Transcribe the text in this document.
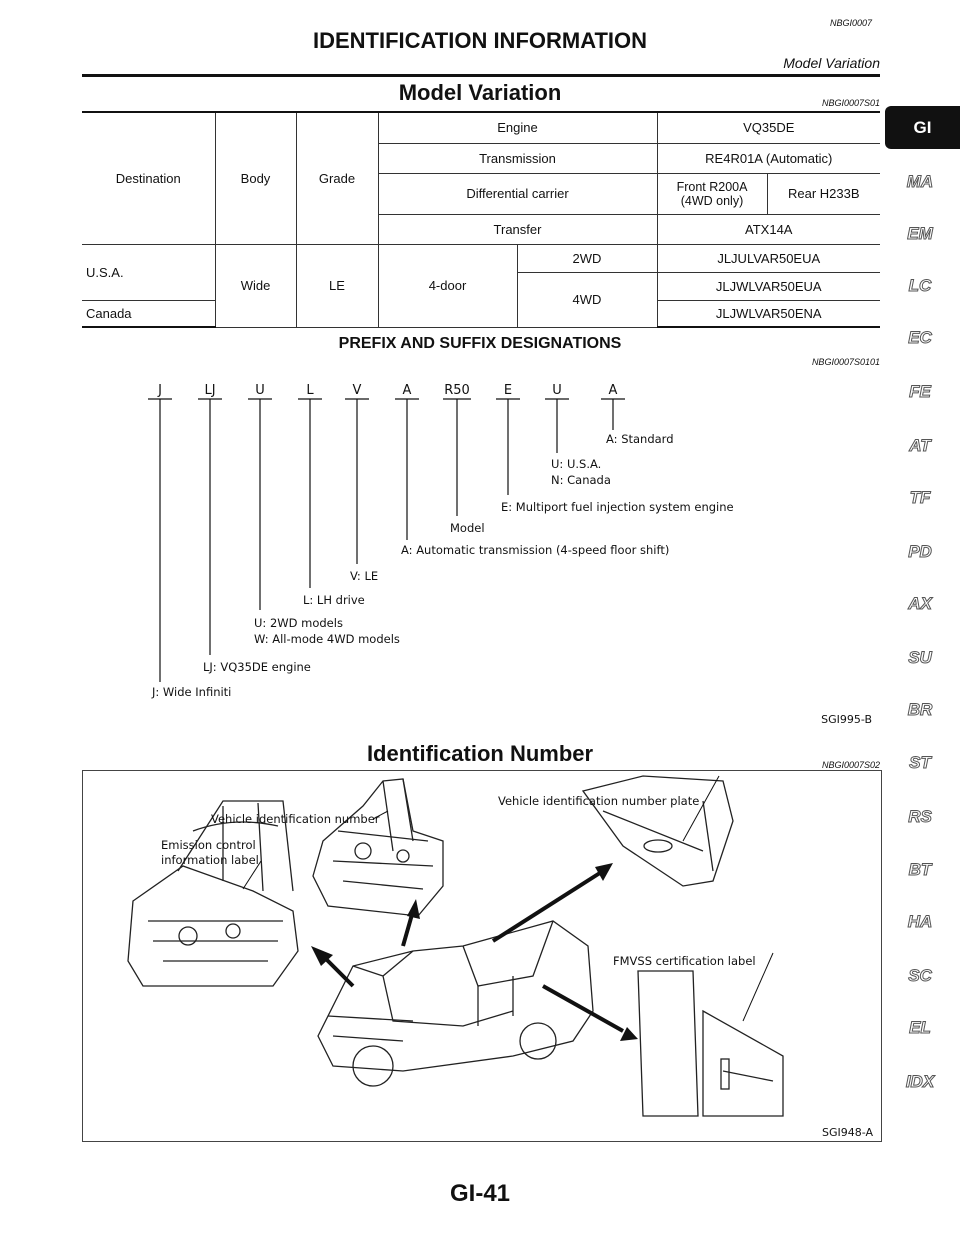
NBGI0007
IDENTIFICATION INFORMATION
Model Variation
Model Variation	NBGI0007S01
Destination	Body	Grade	Engine		VQ35DE	
			Transmission		RE4R01A (Automatic)	
			Differential carrier		Front R200A (4WD only)	Rear H233B
			Transfer		ATX14A	
U.S.A.	Wide	LE	4-door	2WD	JLJULVAR50EUA	
				4WD	JLJWLVAR50EUA	
Canada					JLJWLVAR50ENA	
PREFIX AND SUFFIX DESIGNATIONS
NBGI0007S0101
J	LJ	U	L	V	A	R50	E	U	A
J: Wide Infiniti
LJ: VQ35DE engine
U: 2WD models
W: All-mode 4WD models
L: LH drive
V: LE
A: Automatic transmission (4-speed floor shift)
Model
E: Multiport fuel injection system engine
U: U.S.A.
N: Canada
A: Standard
SGI995-B
Identification Number	NBGI0007S02
Vehicle identification number
Vehicle identification number plate
Emission control
information label
FMVSS certification label
SGI948-A
GI
MA
EM
LC
EC
FE
AT
TF
PD
AX
SU
BR
ST
RS
BT
HA
SC
EL
IDX
GI-41
